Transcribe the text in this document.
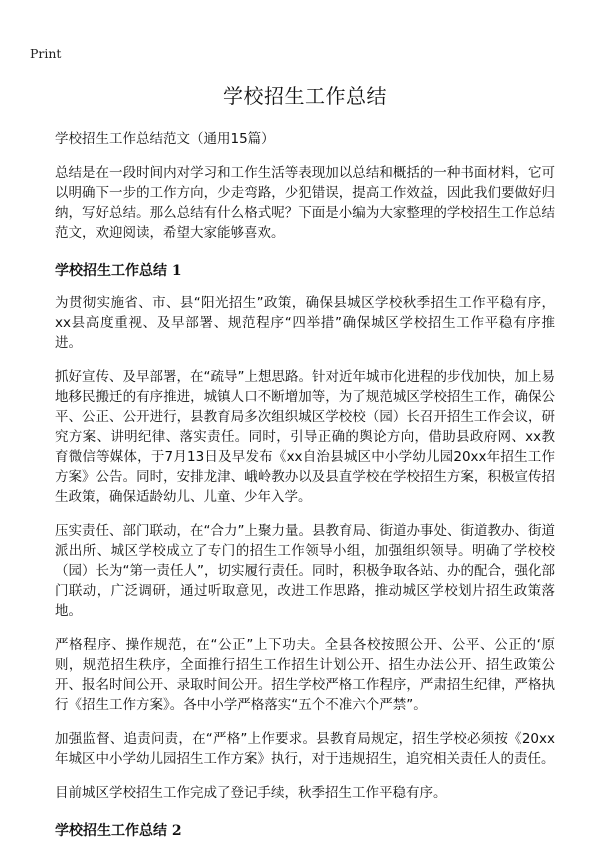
Print
学校招生工作总结

学校招生工作总结范文（通用15篇）

总结是在一段时间内对学习和工作生活等表现加以总结和概括的一种书面材料，它可以明确下一步的工作方向，少走弯路，少犯错误，提高工作效益，因此我们要做好归纳，写好总结。那么总结有什么格式呢？下面是小编为大家整理的学校招生工作总结范文，欢迎阅读，希望大家能够喜欢。

学校招生工作总结 1

为贯彻实施省、市、县“阳光招生”政策，确保县城区学校秋季招生工作平稳有序，xx县高度重视、及早部署、规范程序“四举措”确保城区学校招生工作平稳有序推进。

抓好宣传、及早部署，在“疏导”上想思路。针对近年城市化进程的步伐加快，加上易地移民搬迁的有序推进，城镇人口不断增加等，为了规范城区学校招生工作，确保公平、公正、公开进行，县教育局多次组织城区学校校（园）长召开招生工作会议，研究方案、讲明纪律、落实责任。同时，引导正确的舆论方向，借助县政府网、xx教育微信等媒体，于7月13日及早发布《xx自治县城区中小学幼儿园20xx年招生工作方案》公告。同时，安排龙津、峨岭教办以及县直学校在学校招生方案，积极宣传招生政策，确保适龄幼儿、儿童、少年入学。

压实责任、部门联动，在“合力”上聚力量。县教育局、街道办事处、街道教办、街道派出所、城区学校成立了专门的招生工作领导小组，加强组织领导。明确了学校校（园）长为“第一责任人”，切实履行责任。同时，积极争取各站、办的配合，强化部门联动，广泛调研，通过听取意见，改进工作思路，推动城区学校划片招生政策落地。

严格程序、操作规范，在“公正”上下功夫。全县各校按照公开、公平、公正的‘原则，规范招生秩序，全面推行招生工作招生计划公开、招生办法公开、招生政策公开、报名时间公开、录取时间公开。招生学校严格工作程序，严肃招生纪律，严格执行《招生工作方案》。各中小学严格落实“五个不准六个严禁”。

加强监督、追责问责，在“严格”上作要求。县教育局规定，招生学校必须按《20xx年城区中小学幼儿园招生工作方案》执行，对于违规招生，追究相关责任人的责任。

目前城区学校招生工作完成了登记手续，秋季招生工作平稳有序。

学校招生工作总结 2
